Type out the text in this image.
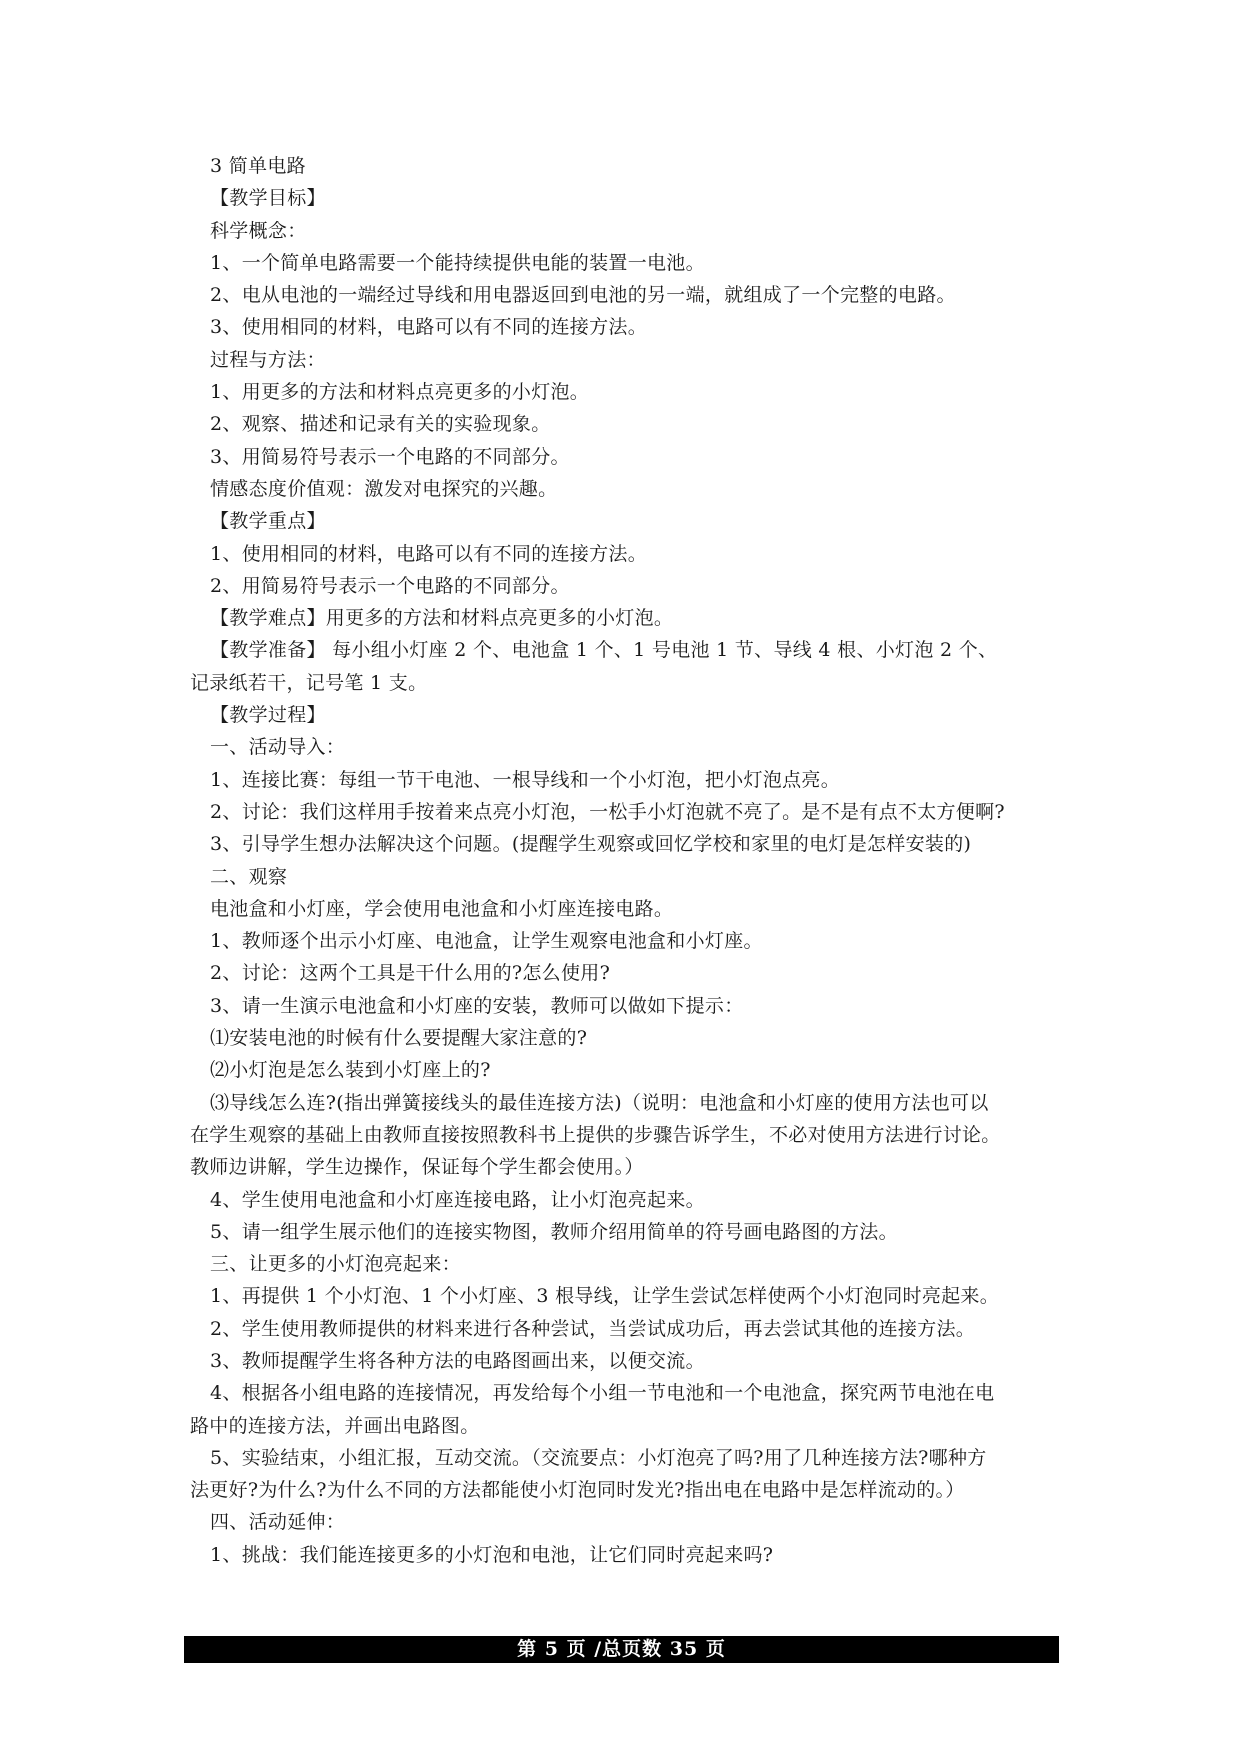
3 简单电路

【教学目标】

科学概念：

1、一个简单电路需要一个能持续提供电能的装置一电池。

2、电从电池的一端经过导线和用电器返回到电池的另一端，就组成了一个完整的电路。

3、使用相同的材料，电路可以有不同的连接方法。

过程与方法：

1、用更多的方法和材料点亮更多的小灯泡。

2、观察、描述和记录有关的实验现象。

3、用简易符号表示一个电路的不同部分。

情感态度价值观：激发对电探究的兴趣。

【教学重点】

1、使用相同的材料，电路可以有不同的连接方法。

2、用简易符号表示一个电路的不同部分。

【教学难点】用更多的方法和材料点亮更多的小灯泡。

【教学准备】 每小组小灯座 2 个、电池盒 1 个、1 号电池 1 节、导线 4 根、小灯泡 2 个、

记录纸若干，记号笔 1 支。

【教学过程】

一、活动导入：

1、连接比赛：每组一节干电池、一根导线和一个小灯泡，把小灯泡点亮。

2、讨论：我们这样用手按着来点亮小灯泡，一松手小灯泡就不亮了。是不是有点不太方便啊?

3、引导学生想办法解决这个问题。(提醒学生观察或回忆学校和家里的电灯是怎样安装的)

二、观察

电池盒和小灯座，学会使用电池盒和小灯座连接电路。

1、教师逐个出示小灯座、电池盒，让学生观察电池盒和小灯座。

2、讨论：这两个工具是干什么用的?怎么使用?

3、请一生演示电池盒和小灯座的安装，教师可以做如下提示：

⑴安装电池的时候有什么要提醒大家注意的?

⑵小灯泡是怎么装到小灯座上的?

⑶导线怎么连?(指出弹簧接线头的最佳连接方法)（说明：电池盒和小灯座的使用方法也可以

在学生观察的基础上由教师直接按照教科书上提供的步骤告诉学生，不必对使用方法进行讨论。

教师边讲解，学生边操作，保证每个学生都会使用。）

4、学生使用电池盒和小灯座连接电路，让小灯泡亮起来。

5、请一组学生展示他们的连接实物图，教师介绍用简单的符号画电路图的方法。

三、让更多的小灯泡亮起来：

1、再提供 1 个小灯泡、1 个小灯座、3 根导线，让学生尝试怎样使两个小灯泡同时亮起来。

2、学生使用教师提供的材料来进行各种尝试，当尝试成功后，再去尝试其他的连接方法。

3、教师提醒学生将各种方法的电路图画出来，以便交流。

4、根据各小组电路的连接情况，再发给每个小组一节电池和一个电池盒，探究两节电池在电

路中的连接方法，并画出电路图。

5、实验结束，小组汇报，互动交流。（交流要点：小灯泡亮了吗?用了几种连接方法?哪种方

法更好?为什么?为什么不同的方法都能使小灯泡同时发光?指出电在电路中是怎样流动的。）

四、活动延伸：

1、挑战：我们能连接更多的小灯泡和电池，让它们同时亮起来吗?

第 5 页 /总页数 35 页
